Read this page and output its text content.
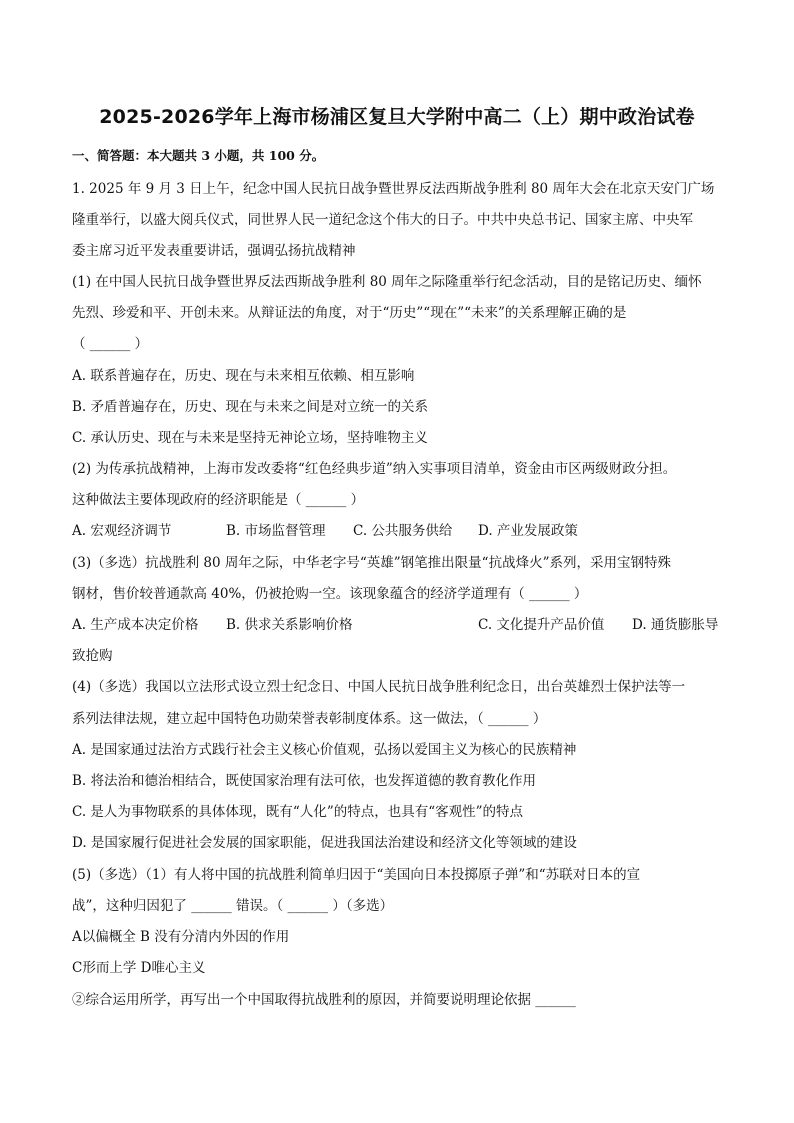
2025-2026学年上海市杨浦区复旦大学附中高二（上）期中政治试卷
一、简答题：本大题共 3 小题，共 100 分。
1. 2025 年 9 月 3 日上午，纪念中国人民抗日战争暨世界反法西斯战争胜利 80 周年大会在北京天安门广场
隆重举行，以盛大阅兵仪式，同世界人民一道纪念这个伟大的日子。中共中央总书记、国家主席、中央军
委主席习近平发表重要讲话，强调弘扬抗战精神
(1) 在中国人民抗日战争暨世界反法西斯战争胜利 80 周年之际隆重举行纪念活动，目的是铭记历史、缅怀
先烈、珍爱和平、开创未来。从辩证法的角度，对于“历史”“现在”“未来”的关系理解正确的是
（ ______ ）
A. 联系普遍存在，历史、现在与未来相互依赖、相互影响
B. 矛盾普遍存在，历史、现在与未来之间是对立统一的关系
C. 承认历史、现在与未来是坚持无神论立场，坚持唯物主义
(2) 为传承抗战精神，上海市发改委将“红色经典步道”纳入实事项目清单，资金由市区两级财政分担。
这种做法主要体现政府的经济职能是（ ______ ）
A. 宏观经济调节	B. 市场监督管理 C. 公共服务供给 D. 产业发展政策
(3)（多选）抗战胜利 80 周年之际，中华老字号“英雄”钢笔推出限量“抗战烽火”系列，采用宝钢特殊
钢材，售价较普通款高 40%，仍被抢购一空。该现象蕴含的经济学道理有（ ______ ）
A. 生产成本决定价格 B. 供求关系影响价格	C. 文化提升产品价值 D. 通货膨胀导
致抢购
(4)（多选）我国以立法形式设立烈士纪念日、中国人民抗日战争胜利纪念日，出台英雄烈士保护法等一
系列法律法规，建立起中国特色功勋荣誉表彰制度体系。这一做法，（ ______ ）
A. 是国家通过法治方式践行社会主义核心价值观，弘扬以爱国主义为核心的民族精神
B. 将法治和德治相结合，既使国家治理有法可依，也发挥道德的教育教化作用
C. 是人为事物联系的具体体现，既有“人化”的特点，也具有“客观性”的特点
D. 是国家履行促进社会发展的国家职能，促进我国法治建设和经济文化等领域的建设
(5)（多选）（1）有人将中国的抗战胜利简单归因于“美国向日本投掷原子弹”和“苏联对日本的宣
战”，这种归因犯了 ______ 错误。（ ______ ）（多选）
A以偏概全 B 没有分清内外因的作用
C形而上学 D唯心主义
②综合运用所学，再写出一个中国取得抗战胜利的原因，并简要说明理论依据 ______
